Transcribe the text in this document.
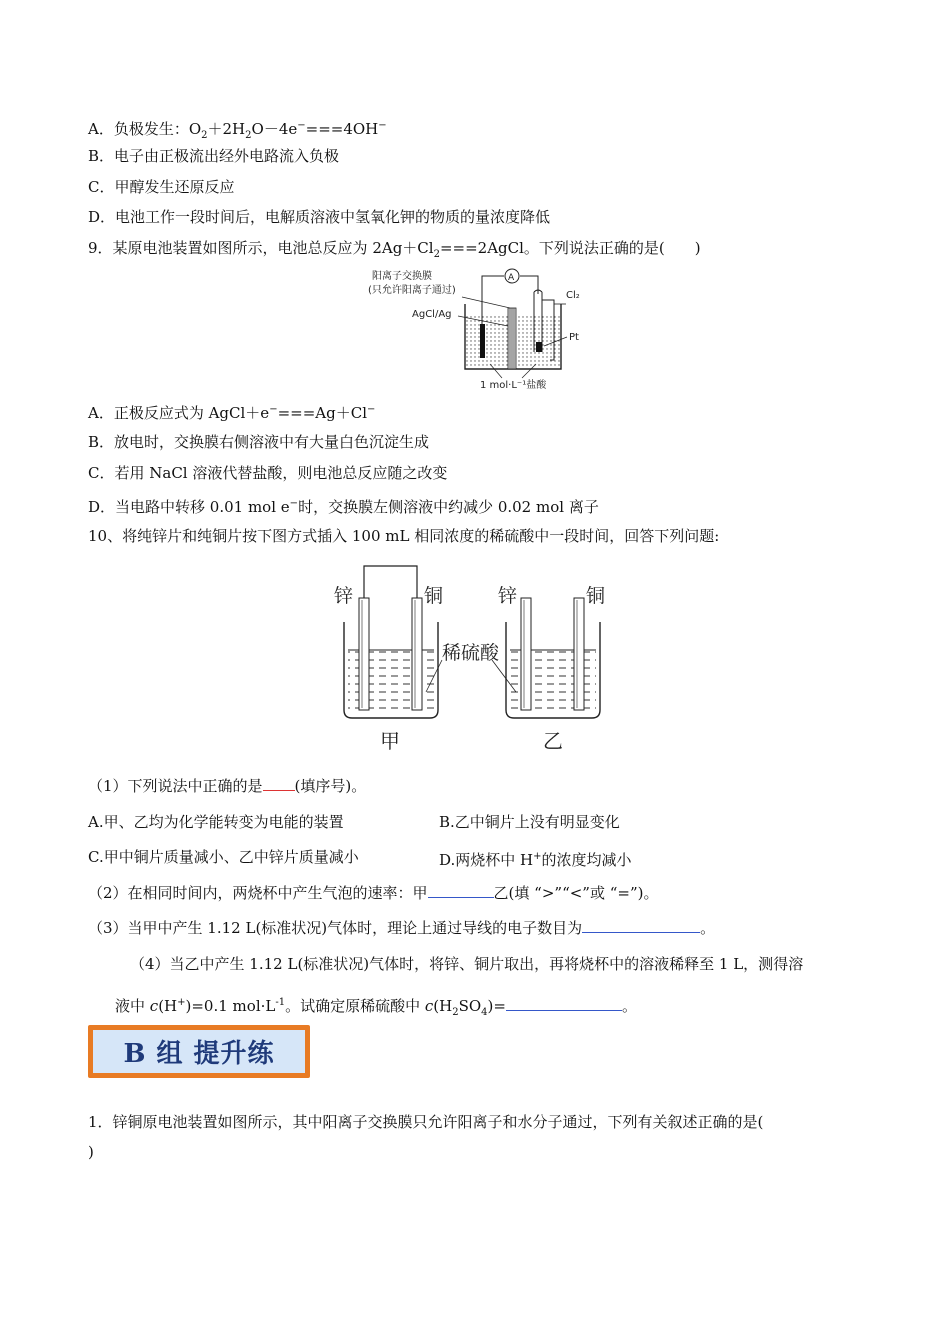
A．负极发生：$O_2+2H_2O-4e^-===4OH^-$
B．电子由正极流出经外电路流入负极
C．甲醇发生还原反应
D．电池工作一段时间后，电解质溶液中氢氧化钾的物质的量浓度降低
9．某原电池装置如图所示，电池总反应为 $2Ag+Cl_2===2AgCl$。下列说法正确的是(　　)
阳离子交换膜
(只允许阳离子通过)
AgCl/Ag
A
Cl₂
Pt
1 mol·L⁻¹盐酸
A．正极反应式为 AgCl＋e−===Ag＋Cl−
B．放电时，交换膜右侧溶液中有大量白色沉淀生成
C．若用 NaCl 溶液代替盐酸，则电池总反应随之改变
D．当电路中转移 0.01 mol e−时，交换膜左侧溶液中约减少 0.02 mol 离子
10、将纯锌片和纯铜片按下图方式插入 100 mL 相同浓度的稀硫酸中一段时间，回答下列问题:
锌	铜
甲
锌	铜
乙
稀硫酸
（1）下列说法中正确的是 (填序号)。
A.甲、乙均为化学能转变为电能的装置	B.乙中铜片上没有明显变化
C.甲中铜片质量减小、乙中锌片质量减小	D.两烧杯中 H+的浓度均减小
（2）在相同时间内，两烧杯中产生气泡的速率：甲	乙(填 “>”“<”或 “=”)。
（3）当甲中产生 1.12 L(标准状况)气体时，理论上通过导线的电子数目为	。
（4）当乙中产生 1.12 L(标准状况)气体时，将锌、铜片取出，再将烧杯中的溶液稀释至 1 L，测得溶
液中 c(H+)=0.1 $mol\cdot L^{-1}$。试确定原稀硫酸中 $c(H_2SO_4)=$	。
B 组 提升练
1．锌铜原电池装置如图所示，其中阳离子交换膜只允许阳离子和水分子通过，下列有关叙述正确的是(
)
